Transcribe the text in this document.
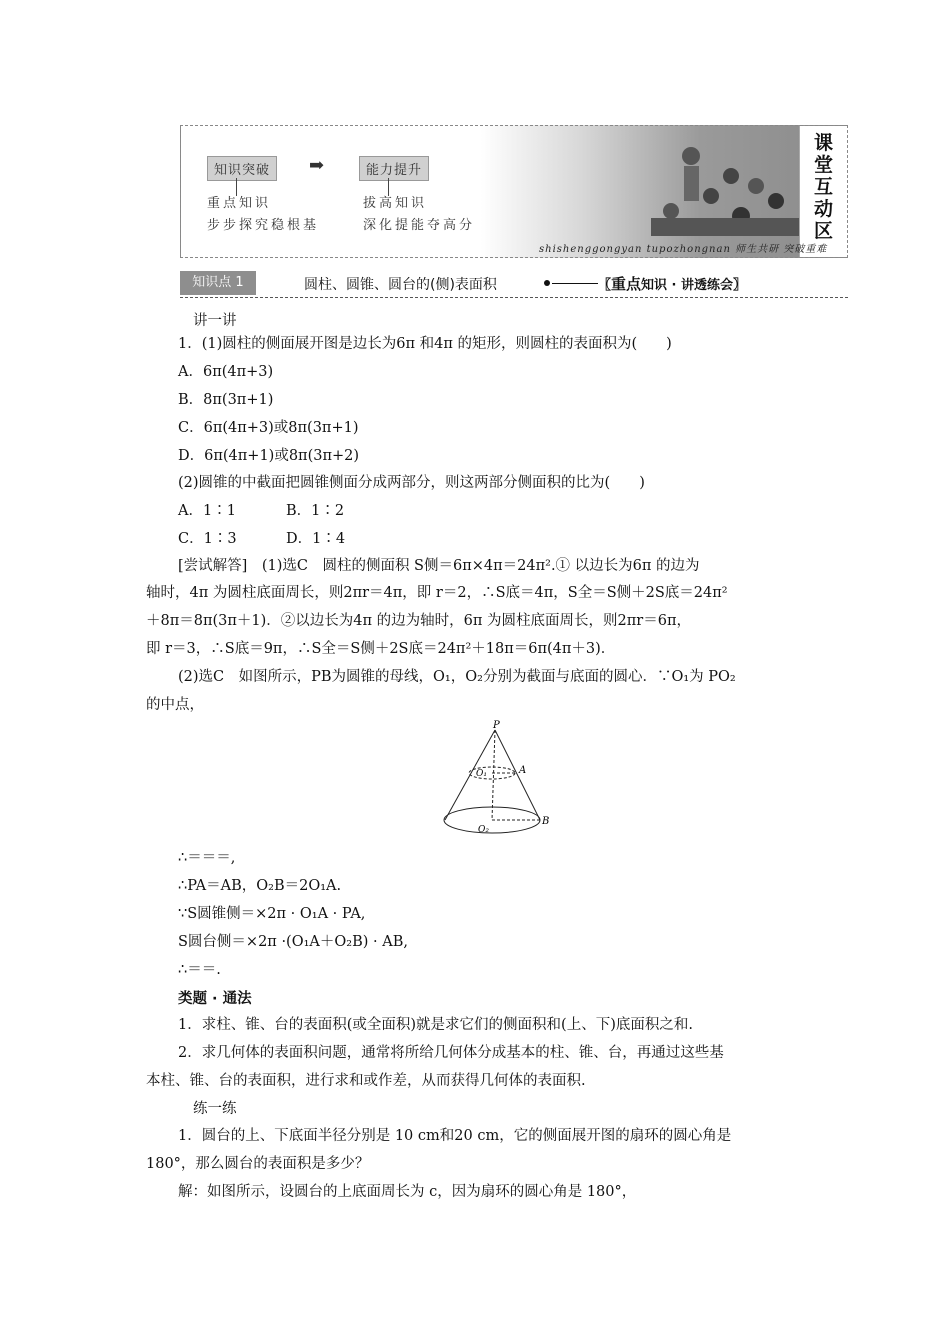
知识突破	➡	能力提升
重点知识
步步探究稳根基
拔高知识
深化提能夺高分
课
堂
互
动
区
shishenggongyan tupozhongnan 师生共研 突破重难
知识点 1	圆柱、圆锥、圆台的(侧)表面积	〖重点知识 · 讲透练会〗
讲一讲
1．(1)圆柱的侧面展开图是边长为6π 和4π 的矩形，则圆柱的表面积为(　　)
A．6π(4π+3)
B．8π(3π+1)
C．6π(4π+3)或8π(3π+1)
D．6π(4π+1)或8π(3π+2)
(2)圆锥的中截面把圆锥侧面分成两部分，则这两部分侧面积的比为(　　)
A．1∶1	B．1∶2
C．1∶3	D．1∶4
[尝试解答]　(1)选C　圆柱的侧面积 S侧＝6π×4π＝24π².① 以边长为6π 的边为
轴时，4π 为圆柱底面周长，则2πr＝4π，即 r＝2，∴S底＝4π，S全＝S侧＋2S底＝24π²
＋8π＝8π(3π＋1)．②以边长为4π 的边为轴时，6π 为圆柱底面周长，则2πr＝6π，
即 r＝3，∴S底＝9π，∴S全＝S侧＋2S底＝24π²＋18π＝6π(4π＋3)．
(2)选C　如图所示，PB为圆锥的母线，O₁，O₂分别为截面与底面的圆心．∵O₁为 PO₂
的中点，
P
A
B
O₁
O₂
∴＝＝＝,
∴PA＝AB，O₂B＝2O₁A.
∵S圆锥侧＝×2π · O₁A · PA,
S圆台侧＝×2π ·(O₁A＋O₂B) · AB,
∴＝＝.
类题 · 通法
1．求柱、锥、台的表面积(或全面积)就是求它们的侧面积和(上、下)底面积之和.
2．求几何体的表面积问题，通常将所给几何体分成基本的柱、锥、台，再通过这些基
本柱、锥、台的表面积，进行求和或作差，从而获得几何体的表面积.
练一练
1．圆台的上、下底面半径分别是 10 cm和20 cm，它的侧面展开图的扇环的圆心角是
180°，那么圆台的表面积是多少？
解：如图所示，设圆台的上底面周长为 c，因为扇环的圆心角是 180°，
